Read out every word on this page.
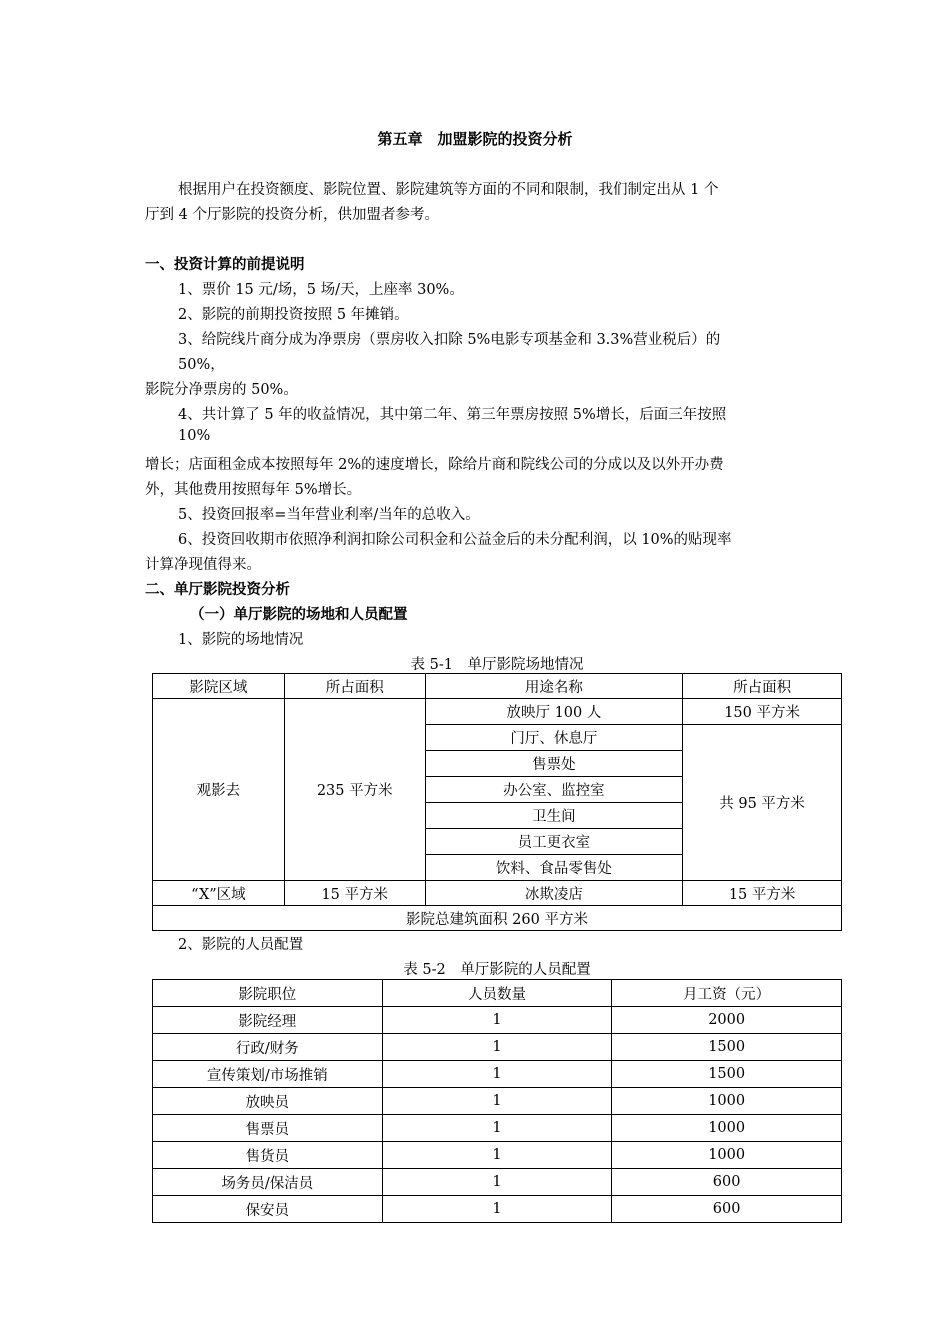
第五章　加盟影院的投资分析
根据用户在投资额度、影院位置、影院建筑等方面的不同和限制，我们制定出从 1 个
厅到 4 个厅影院的投资分析，供加盟者参考。
一、投资计算的前提说明
1、票价 15 元/场，5 场/天，上座率 30%。
2、影院的前期投资按照 5 年摊销。
3、给院线片商分成为净票房（票房收入扣除 5%电影专项基金和 3.3%营业税后）的
50%，
影院分净票房的 50%。
4、共计算了 5 年的收益情况，其中第二年、第三年票房按照 5%增长，后面三年按照
10%
增长；店面租金成本按照每年 2%的速度增长，除给片商和院线公司的分成以及以外开办费
外，其他费用按照每年 5%增长。
5、投资回报率=当年营业利率/当年的总收入。
6、投资回收期市依照净利润扣除公司积金和公益金后的未分配利润，以 10%的贴现率
计算净现值得来。
二、单厅影院投资分析
（一）单厅影院的场地和人员配置
1、影院的场地情况
表 5-1　单厅影院场地情况
影院区域	所占面积	用途名称	所占面积
观影去	235 平方米	放映厅 100 人	150 平方米
		门厅、休息厅	共 95 平方米
		售票处	
		办公室、监控室	
		卫生间	
		员工更衣室	
		饮料、食品零售处	
“X”区域	15 平方米	冰欺凌店	15 平方米
影院总建筑面积 260 平方米			
2、影院的人员配置
表 5-2　单厅影院的人员配置
影院职位	人员数量	月工资（元）
影院经理	1	2000
行政/财务	1	1500
宣传策划/市场推销	1	1500
放映员	1	1000
售票员	1	1000
售货员	1	1000
场务员/保洁员	1	600
保安员	1	600
